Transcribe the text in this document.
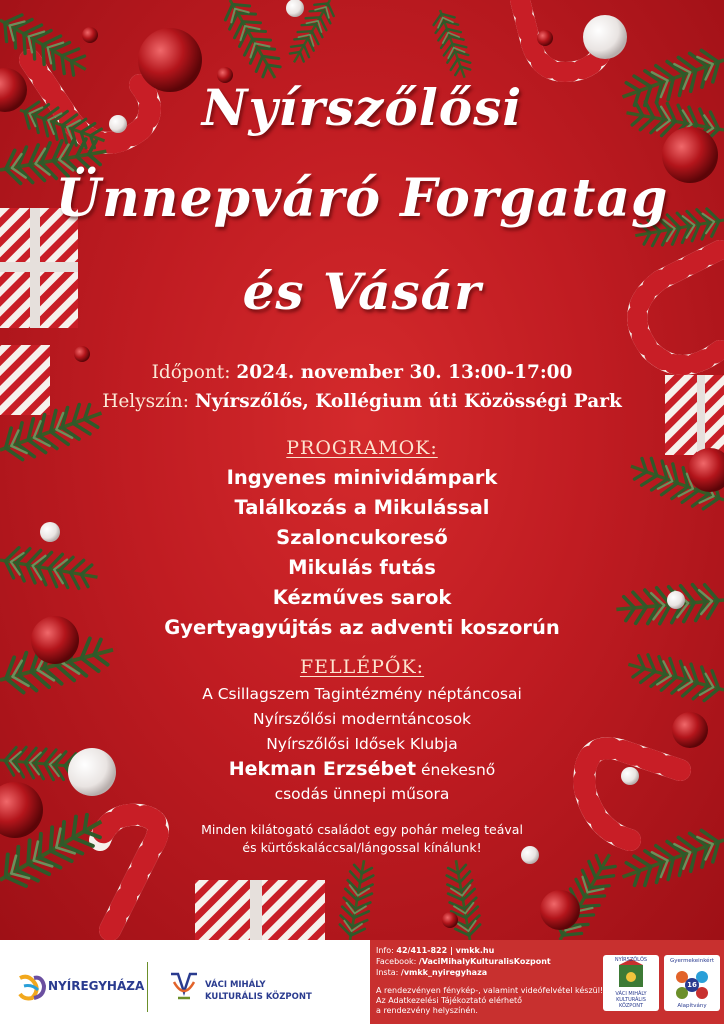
Nyírszőlősi
Ünnepváró Forgatag
és Vásár
Időpont: 2024. november 30. 13:00-17:00
Helyszín: Nyírszőlős, Kollégium úti Közösségi Park
PROGRAMOK:
Ingyenes minividámpark
Találkozás a Mikulással
Szaloncukoreső
Mikulás futás
Kézműves sarok
Gyertyagyújtás az adventi koszorún
FELLÉPŐK:
A Csillagszem Tagintézmény néptáncosai
Nyírszőlősi moderntáncosok
Nyírszőlősi Idősek Klubja
Hekman Erzsébet énekesnő
csodás ünnepi műsora
Minden kilátogató családot egy pohár meleg teával
és kürtőskaláccsal/lángossal kínálunk!
NYÍREGYHÁZA	VÁCI MIHÁLY
KULTURÁLIS KÖZPONT
Info: 42/411-822 | vmkk.hu
Facebook: /VaciMihalyKulturalisKozpont
Insta: /vmkk_nyiregyhaza
A rendezvényen fénykép-, valamint videófelvétel készül!
Az Adatkezelési Tájékoztató elérhető
a rendezvény helyszínén.
NYÍRSZŐLŐS
VÁCI MIHÁLY KULTURÁLIS KÖZPONT
Gyermekeinkért
16
Alapítvány
